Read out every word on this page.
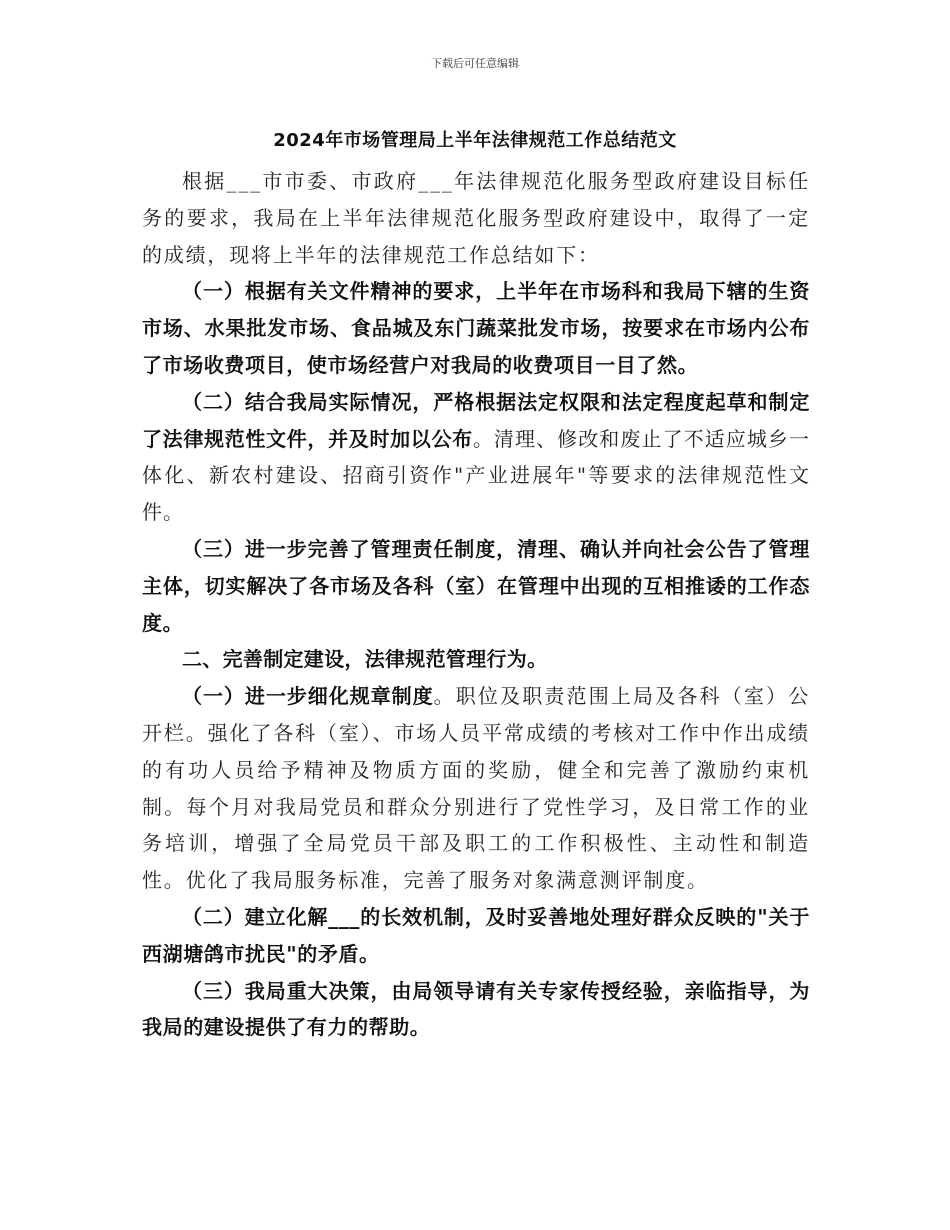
下载后可任意编辑
2024年市场管理局上半年法律规范工作总结范文

根据___市市委、市政府___年法律规范化服务型政府建设目标任务的要求，我局在上半年法律规范化服务型政府建设中，取得了一定的成绩，现将上半年的法律规范工作总结如下：

（一）根据有关文件精神的要求，上半年在市场科和我局下辖的生资市场、水果批发市场、食品城及东门蔬菜批发市场，按要求在市场内公布了市场收费项目，使市场经营户对我局的收费项目一目了然。

（二）结合我局实际情况，严格根据法定权限和法定程度起草和制定了法律规范性文件，并及时加以公布。清理、修改和废止了不适应城乡一体化、新农村建设、招商引资作"产业进展年"等要求的法律规范性文件。

（三）进一步完善了管理责任制度，清理、确认并向社会公告了管理主体，切实解决了各市场及各科（室）在管理中出现的互相推诿的工作态度。

二、完善制定建设，法律规范管理行为。

（一）进一步细化规章制度。职位及职责范围上局及各科（室）公开栏。强化了各科（室）、市场人员平常成绩的考核对工作中作出成绩的有功人员给予精神及物质方面的奖励，健全和完善了激励约束机制。每个月对我局党员和群众分别进行了党性学习，及日常工作的业务培训，增强了全局党员干部及职工的工作积极性、主动性和制造性。优化了我局服务标准，完善了服务对象满意测评制度。

（二）建立化解___的长效机制，及时妥善地处理好群众反映的"关于西湖塘鸽市扰民"的矛盾。

（三）我局重大决策，由局领导请有关专家传授经验，亲临指导，为我局的建设提供了有力的帮助。
